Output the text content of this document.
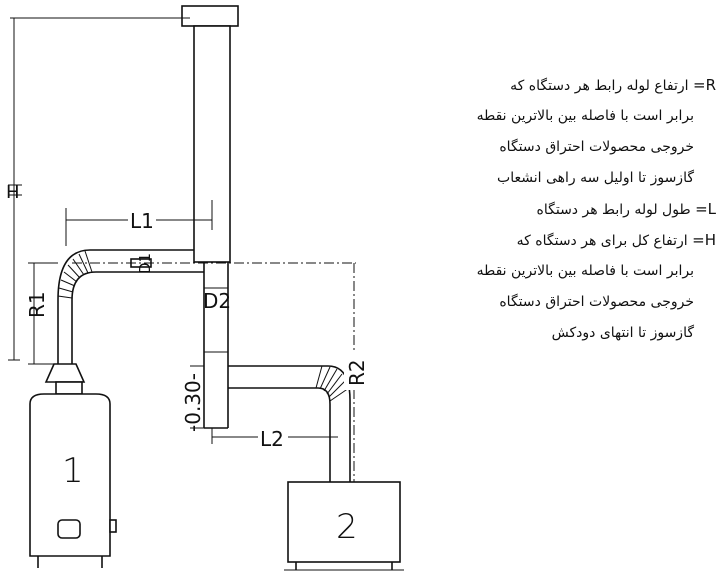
1
2
L1
R1
D1
D2
-0.30-
L2
R2
H
R= ارتفاع لوله رابط هر دستگاه که
برابر است با فاصله بین بالاترین نقطه
خروجی محصولات احتراق دستگاه
گازسوز تا اولیل سه راهی انشعاب
L= طول لوله رابط هر دستگاه
H= ارتفاع کل برای هر دستگاه که
برابر است با فاصله بین بالاترین نقطه
خروجی محصولات احتراق دستگاه
گازسوز تا انتهای دودکش
